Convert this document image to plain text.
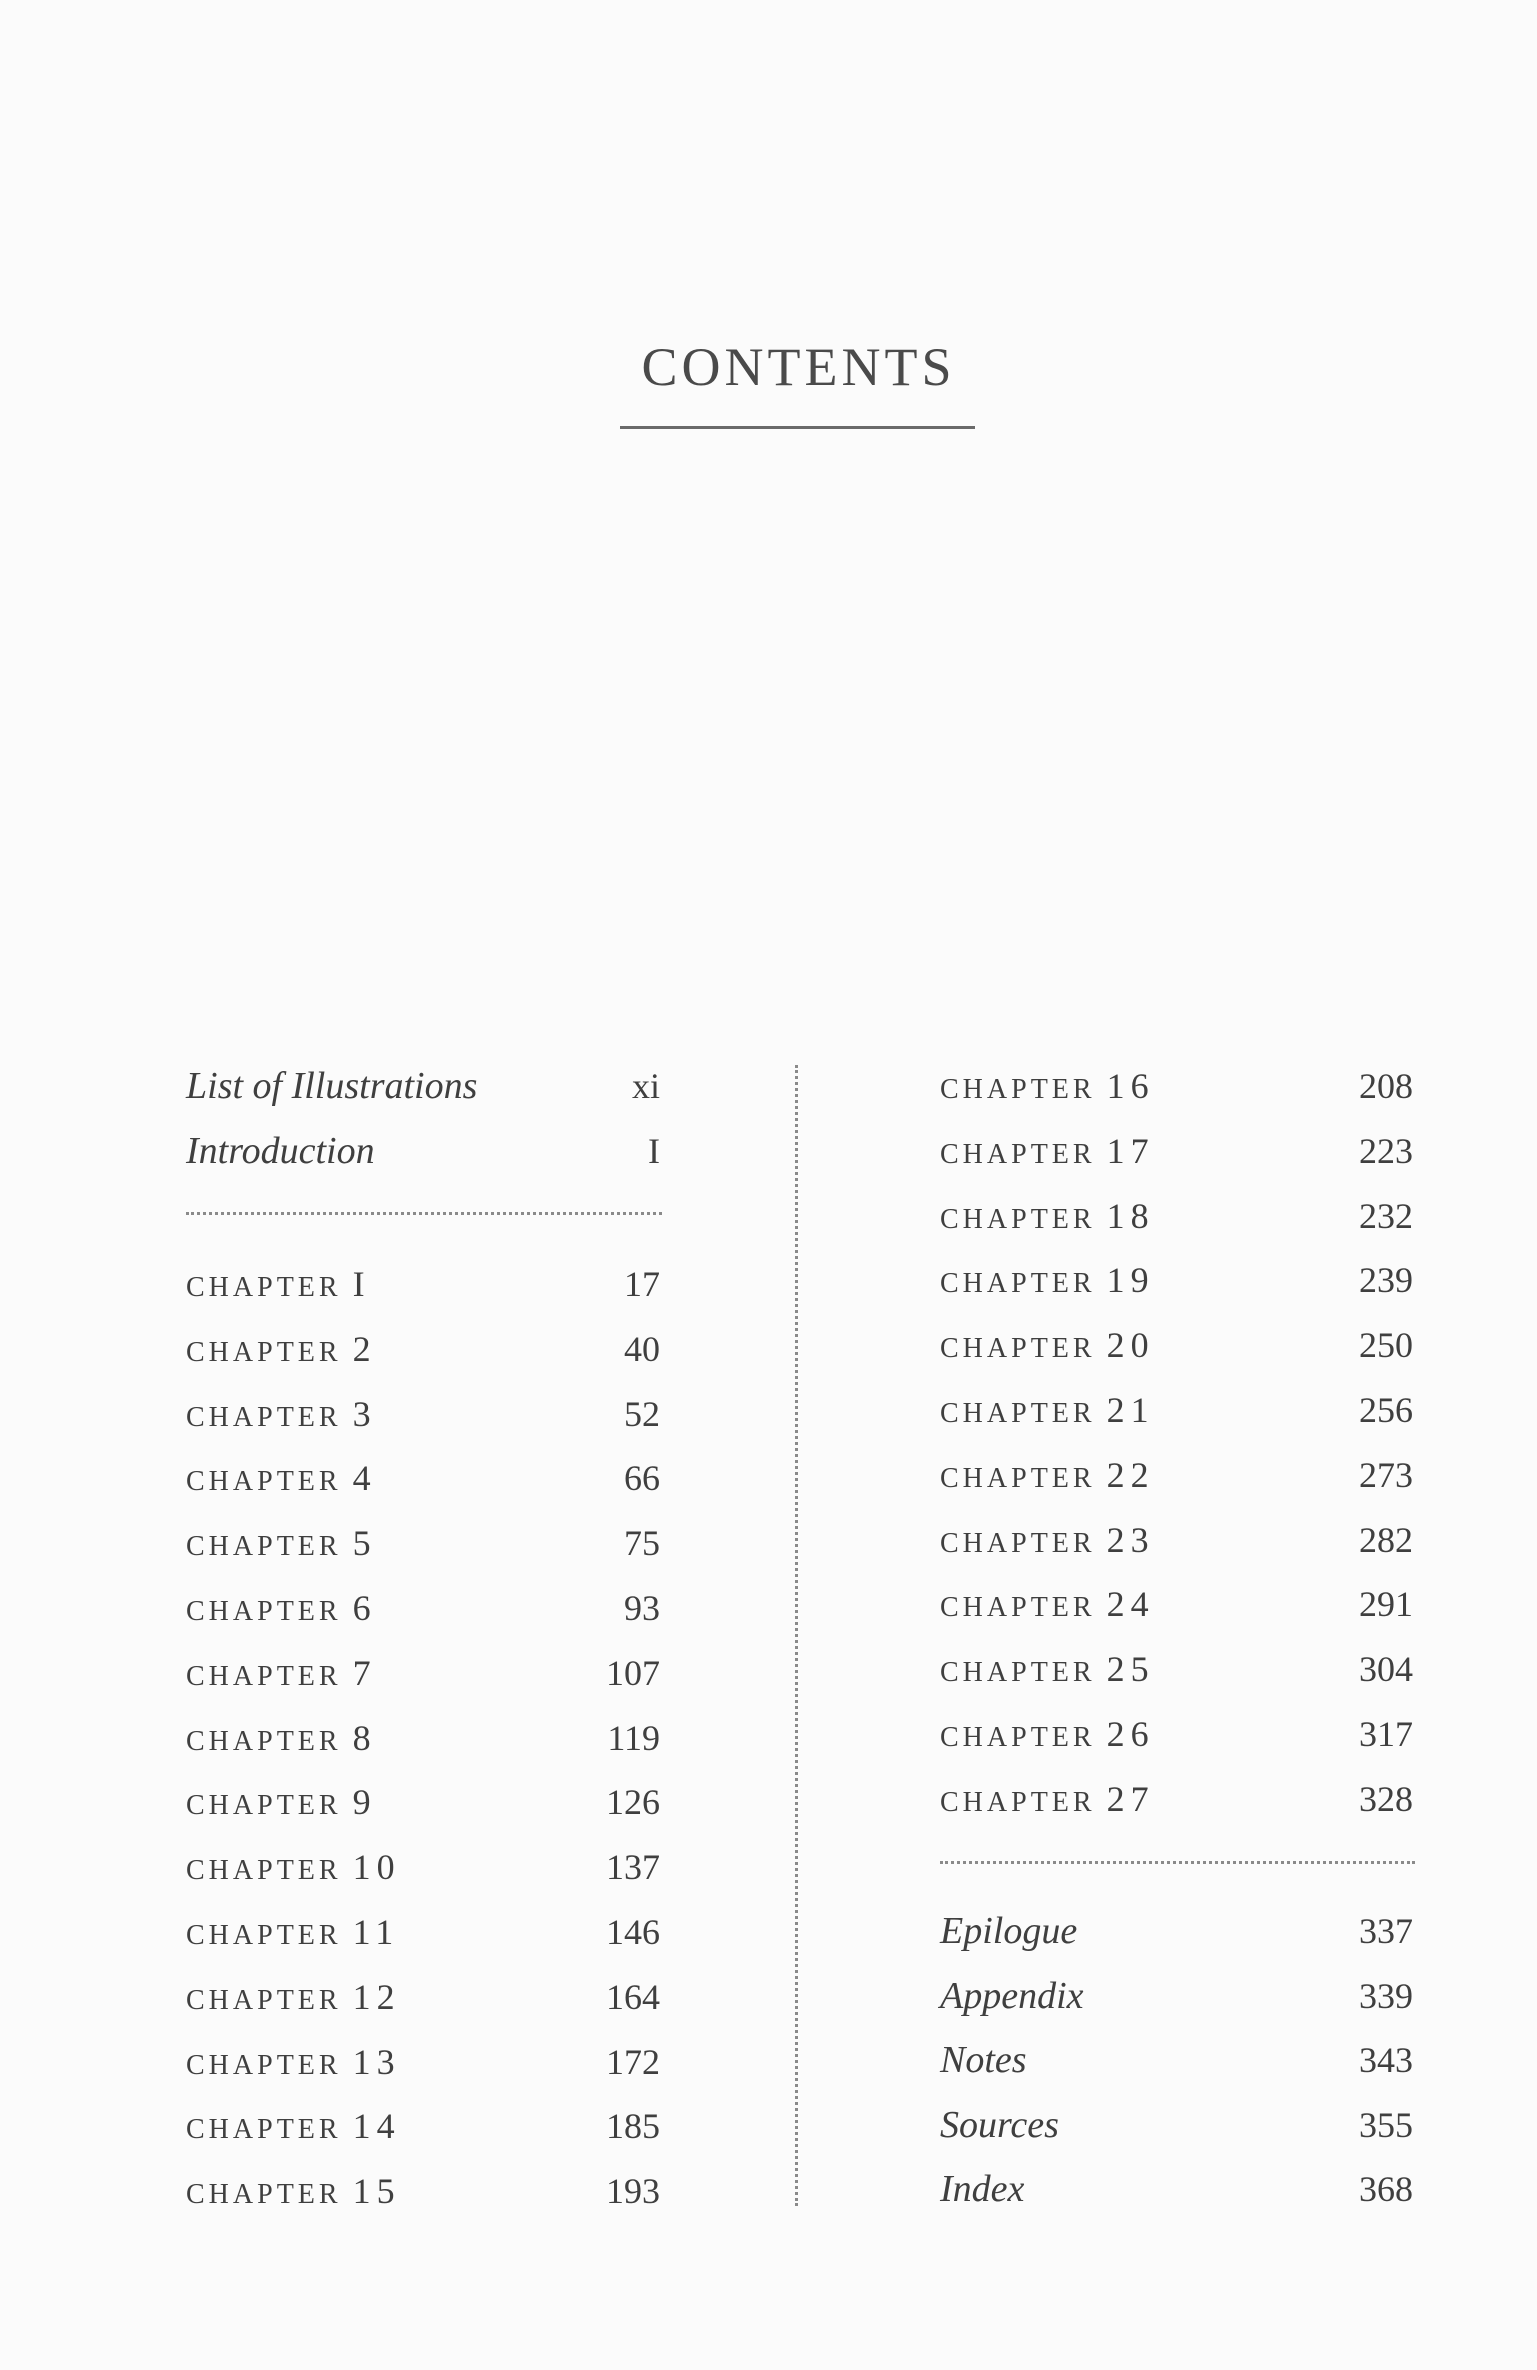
CONTENTS
List of Illustrations	xi
Introduction	I
CHAPTER I	17
CHAPTER 2	40
CHAPTER 3	52
CHAPTER 4	66
CHAPTER 5	75
CHAPTER 6	93
CHAPTER 7	107
CHAPTER 8	119
CHAPTER 9	126
CHAPTER 10	137
CHAPTER 11	146
CHAPTER 12	164
CHAPTER 13	172
CHAPTER 14	185
CHAPTER 15	193
CHAPTER 16	208
CHAPTER 17	223
CHAPTER 18	232
CHAPTER 19	239
CHAPTER 20	250
CHAPTER 21	256
CHAPTER 22	273
CHAPTER 23	282
CHAPTER 24	291
CHAPTER 25	304
CHAPTER 26	317
CHAPTER 27	328
Epilogue	337
Appendix	339
Notes	343
Sources	355
Index	368
